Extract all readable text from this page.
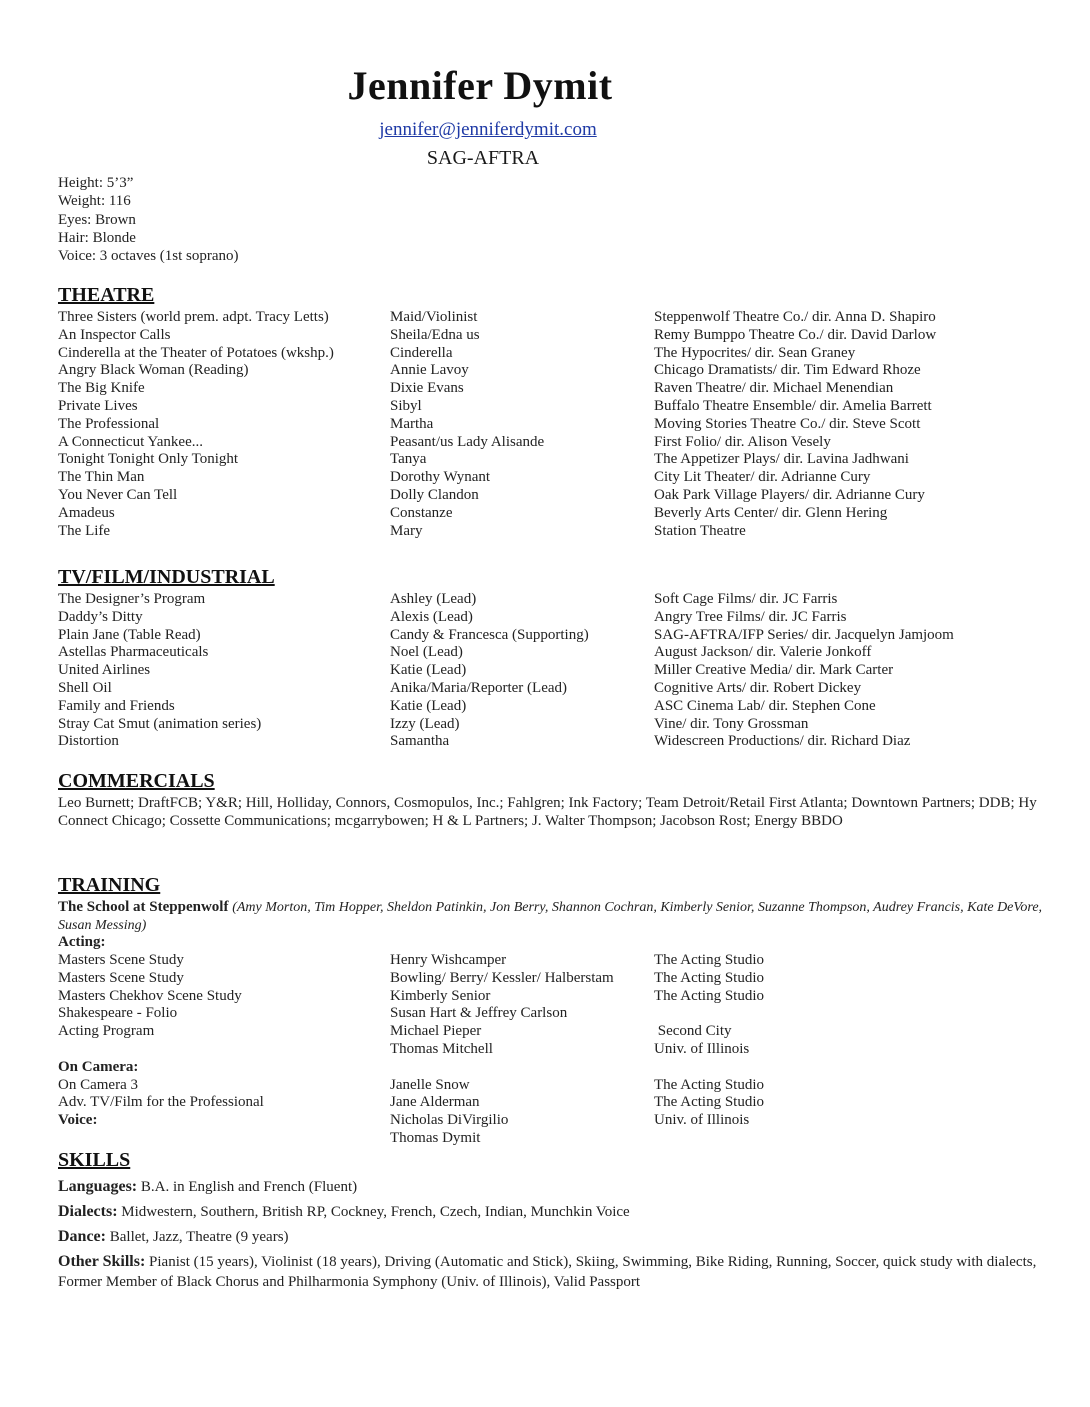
Jennifer Dymit
jennifer@jenniferdymit.com
SAG-AFTRA
Height: 5’3”
Weight: 116
Eyes: Brown
Hair: Blonde
Voice: 3 octaves (1st soprano)
THEATRE
Three Sisters (world prem. adpt. Tracy Letts)
An Inspector Calls
Cinderella at the Theater of Potatoes (wkshp.)
Angry Black Woman (Reading)
The Big Knife
Private Lives
The Professional
A Connecticut Yankee...
Tonight Tonight Only Tonight
The Thin Man
You Never Can Tell
Amadeus
The Life
Maid/Violinist
Sheila/Edna us
Cinderella
Annie Lavoy
Dixie Evans
Sibyl
Martha
Peasant/us Lady Alisande
Tanya
Dorothy Wynant
Dolly Clandon
Constanze
Mary
Steppenwolf Theatre Co./ dir. Anna D. Shapiro
Remy Bumppo Theatre Co./ dir. David Darlow
The Hypocrites/ dir. Sean Graney
Chicago Dramatists/ dir. Tim Edward Rhoze
Raven Theatre/ dir. Michael Menendian
Buffalo Theatre Ensemble/ dir. Amelia Barrett
Moving Stories Theatre Co./ dir. Steve Scott
First Folio/ dir. Alison Vesely
The Appetizer Plays/ dir. Lavina Jadhwani
City Lit Theater/ dir. Adrianne Cury
Oak Park Village Players/ dir. Adrianne Cury
Beverly Arts Center/ dir. Glenn Hering
Station Theatre
TV/FILM/INDUSTRIAL
The Designer’s Program
Daddy’s Ditty
Plain Jane (Table Read)
Astellas Pharmaceuticals
United Airlines
Shell Oil
Family and Friends
Stray Cat Smut (animation series)
Distortion
Ashley (Lead)
Alexis (Lead)
Candy & Francesca (Supporting)
Noel (Lead)
Katie (Lead)
Anika/Maria/Reporter (Lead)
Katie (Lead)
Izzy (Lead)
Samantha
Soft Cage Films/ dir. JC Farris
Angry Tree Films/ dir. JC Farris
SAG-AFTRA/IFP Series/ dir. Jacquelyn Jamjoom
August Jackson/ dir. Valerie Jonkoff
Miller Creative Media/ dir. Mark Carter
Cognitive Arts/ dir. Robert Dickey
ASC Cinema Lab/ dir. Stephen Cone
Vine/ dir. Tony Grossman
Widescreen Productions/ dir. Richard Diaz
COMMERCIALS
Leo Burnett; DraftFCB; Y&R; Hill, Holliday, Connors, Cosmopulos, Inc.; Fahlgren; Ink Factory; Team Detroit/Retail First Atlanta; Downtown Partners; DDB; Hy Connect Chicago; Cossette Communications; mcgarrybowen; H & L Partners; J. Walter Thompson; Jacobson Rost; Energy BBDO
TRAINING
The School at Steppenwolf (Amy Morton, Tim Hopper, Sheldon Patinkin, Jon Berry, Shannon Cochran, Kimberly Senior, Suzanne Thompson, Audrey Francis, Kate DeVore, Susan Messing)
Acting:
Masters Scene Study
Masters Scene Study
Masters Chekhov Scene Study
Shakespeare - Folio
Acting Program
On Camera:
On Camera 3
Adv. TV/Film for the Professional
Voice:
Henry Wishcamper
Bowling/ Berry/ Kessler/ Halberstam
Kimberly Senior
Susan Hart & Jeffrey Carlson
Michael Pieper
Thomas Mitchell
Janelle Snow
Jane Alderman
Nicholas DiVirgilio
Thomas Dymit
The Acting Studio
The Acting Studio
The Acting Studio
Second City
Univ. of Illinois
The Acting Studio
The Acting Studio
Univ. of Illinois
SKILLS
Languages: B.A. in English and French (Fluent)
Dialects: Midwestern, Southern, British RP, Cockney, French, Czech, Indian, Munchkin Voice
Dance: Ballet, Jazz, Theatre (9 years)
Other Skills: Pianist (15 years), Violinist (18 years), Driving (Automatic and Stick), Skiing, Swimming, Bike Riding, Running, Soccer, quick study with dialects, Former Member of Black Chorus and Philharmonia Symphony (Univ. of Illinois), Valid Passport
